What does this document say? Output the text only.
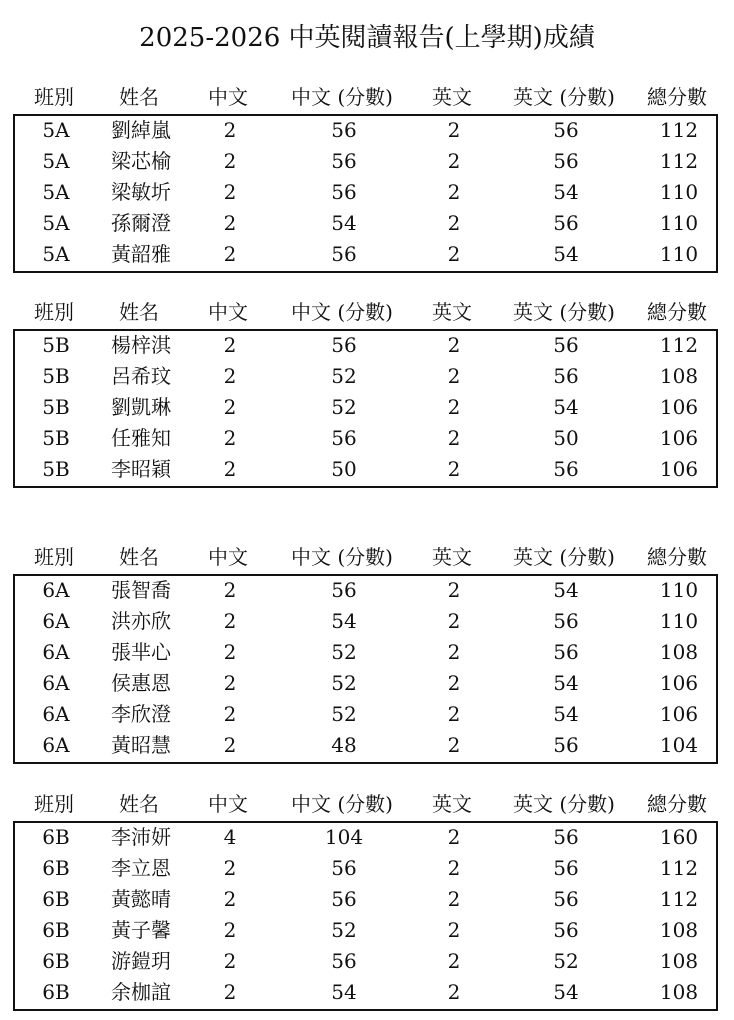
2025-2026 中英閱讀報告(上學期)成績
班別	姓名	中文	中文 (分數)	英文	英文 (分數)	總分數
5A	劉綽嵐	2	56	2	56	112
5A	梁芯榆	2	56	2	56	112
5A	梁敏圻	2	56	2	54	110
5A	孫爾澄	2	54	2	56	110
5A	黃韶雅	2	56	2	54	110
班別	姓名	中文	中文 (分數)	英文	英文 (分數)	總分數
5B	楊梓淇	2	56	2	56	112
5B	呂希玟	2	52	2	56	108
5B	劉凱琳	2	52	2	54	106
5B	任雅知	2	56	2	50	106
5B	李昭穎	2	50	2	56	106
班別	姓名	中文	中文 (分數)	英文	英文 (分數)	總分數
6A	張智喬	2	56	2	54	110
6A	洪亦欣	2	54	2	56	110
6A	張芈心	2	52	2	56	108
6A	侯惠恩	2	52	2	54	106
6A	李欣澄	2	52	2	54	106
6A	黃昭慧	2	48	2	56	104
班別	姓名	中文	中文 (分數)	英文	英文 (分數)	總分數
6B	李沛妍	4	104	2	56	160
6B	李立恩	2	56	2	56	112
6B	黃懿晴	2	56	2	56	112
6B	黃子馨	2	52	2	56	108
6B	游鎧玥	2	56	2	52	108
6B	余枷誼	2	54	2	54	108
